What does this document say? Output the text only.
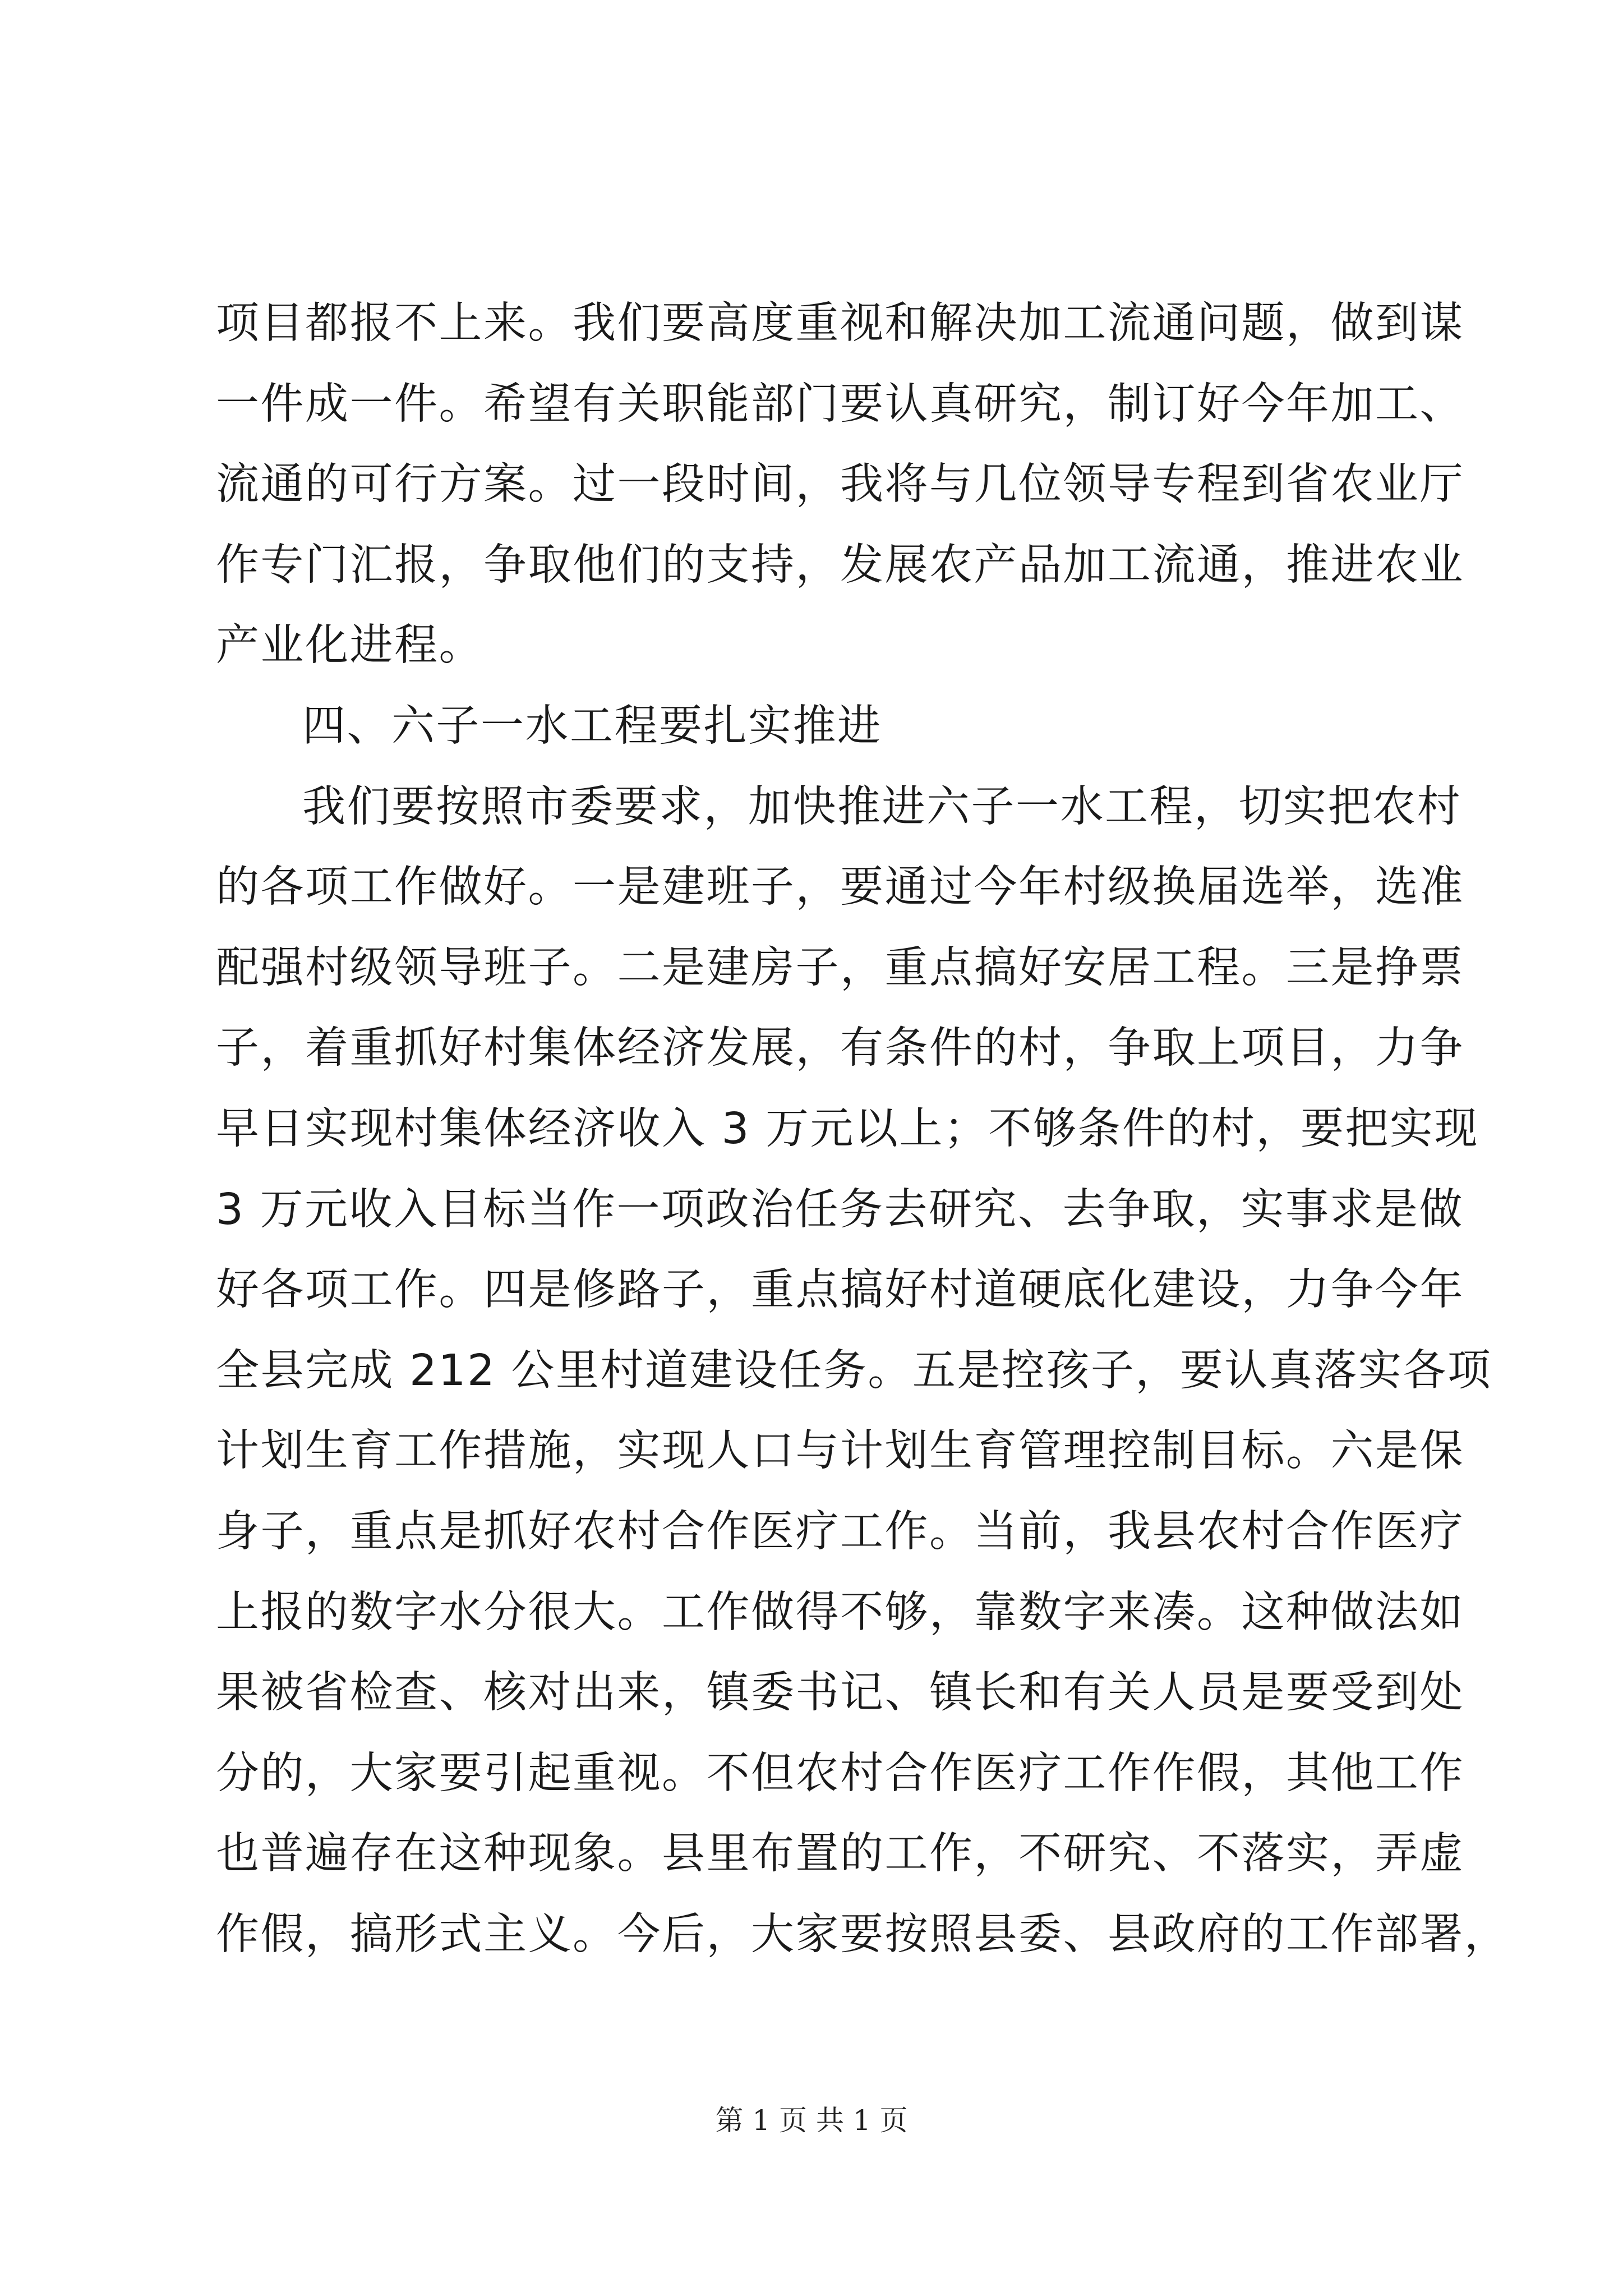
项目都报不上来。我们要高度重视和解决加工流通问题，做到谋
一件成一件。希望有关职能部门要认真研究，制订好今年加工、
流通的可行方案。过一段时间，我将与几位领导专程到省农业厅
作专门汇报，争取他们的支持，发展农产品加工流通，推进农业
产业化进程。
四、六子一水工程要扎实推进
我们要按照市委要求，加快推进六子一水工程，切实把农村
的各项工作做好。一是建班子，要通过今年村级换届选举，选准
配强村级领导班子。二是建房子，重点搞好安居工程。三是挣票
子，着重抓好村集体经济发展，有条件的村，争取上项目，力争
早日实现村集体经济收入 3 万元以上；不够条件的村，要把实现
3 万元收入目标当作一项政治任务去研究、去争取，实事求是做
好各项工作。四是修路子，重点搞好村道硬底化建设，力争今年
全县完成 212 公里村道建设任务。五是控孩子，要认真落实各项
计划生育工作措施，实现人口与计划生育管理控制目标。六是保
身子，重点是抓好农村合作医疗工作。当前，我县农村合作医疗
上报的数字水分很大。工作做得不够，靠数字来凑。这种做法如
果被省检查、核对出来，镇委书记、镇长和有关人员是要受到处
分的，大家要引起重视。不但农村合作医疗工作作假，其他工作
也普遍存在这种现象。县里布置的工作，不研究、不落实，弄虚
作假，搞形式主义。今后，大家要按照县委、县政府的工作部署，
第 1 页 共 1 页
